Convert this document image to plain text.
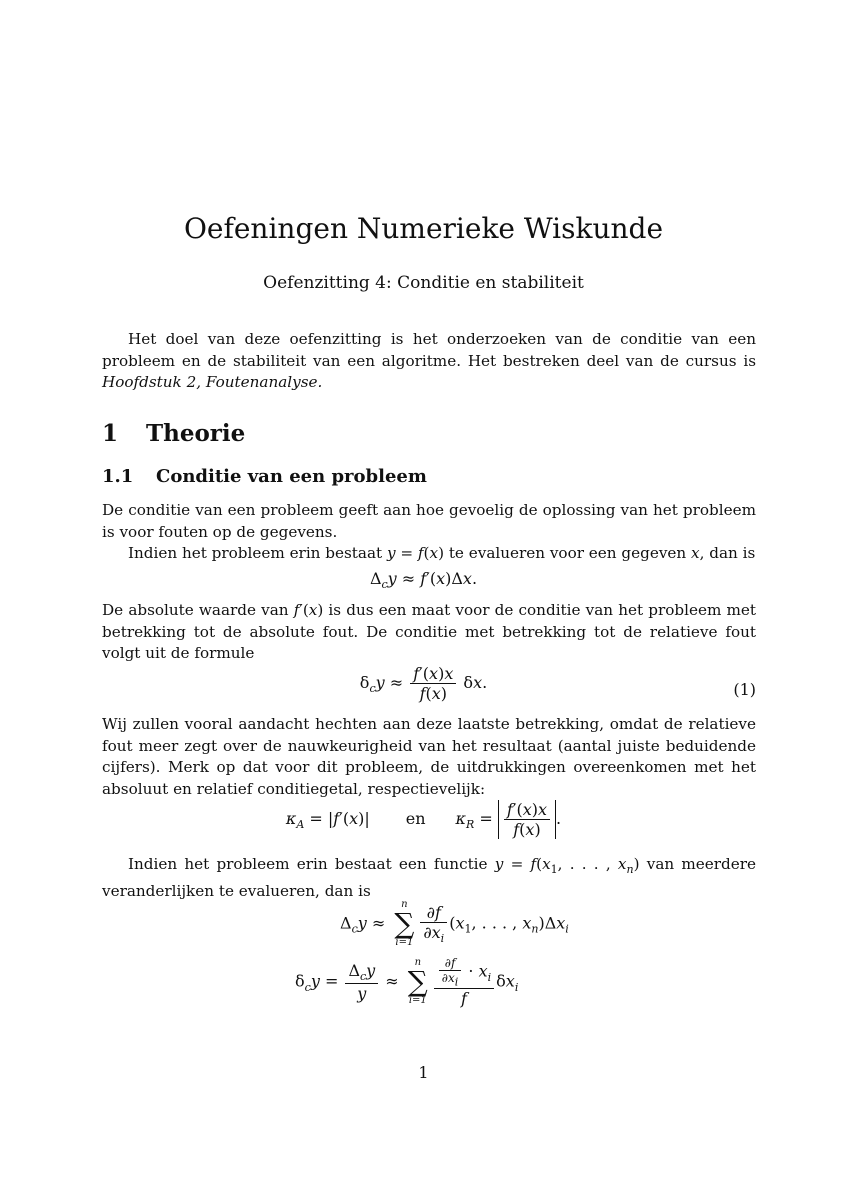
Oefeningen Numerieke Wiskunde
Oefenzitting 4: Conditie en stabiliteit
Het doel van deze oefenzitting is het onderzoeken van de conditie van een probleem en de stabiliteit van een algoritme. Het bestreken deel van de cursus is Hoofdstuk 2, Foutenanalyse.
1 Theorie
1.1 Conditie van een probleem
De conditie van een probleem geeft aan hoe gevoelig de oplossing van het probleem is voor fouten op de gegevens.
Indien het probleem erin bestaat y = f(x) te evalueren voor een gegeven x, dan is
$\Delta_cy \approx f'(x)\Delta x$.
De absolute waarde van f′(x) is dus een maat voor de conditie van het probleem met betrekking tot de absolute fout. De conditie met betrekking tot de relatieve fout volgt uit de formule
$\delta_cy \approx \frac{f'(x)x}{f(x)} \delta x$.	(1)
Wij zullen vooral aandacht hechten aan deze laatste betrekking, omdat de relatieve fout meer zegt over de nauwkeurigheid van het resultaat (aantal juiste beduidende cijfers). Merk op dat voor dit probleem, de uitdrukkingen overeenkomen met het absoluut en relatief conditiegetal, respectievelijk:
$\kappa_A = |f'(x)|$ en $\kappa_R = \frac{f'(x)x}{f(x)}$ .
Indien het probleem erin bestaat een functie $y = f(x_1$, . . . , $x_n$) van meerdere veranderlijken te evalueren, dan is
$\Delta_cy$ ≈
n
∑
$i=1 \frac{\partial f}{\partial x_i} (x_1$, . . . , $x_n)\Delta x_i$
$\delta_cy = \frac{\Delta_cy}{y}$ ≈
n
∑
$i=1 \frac{\frac{\partial f}{\partial x_i} \cdot x_i}{f} \delta x_i$
1
